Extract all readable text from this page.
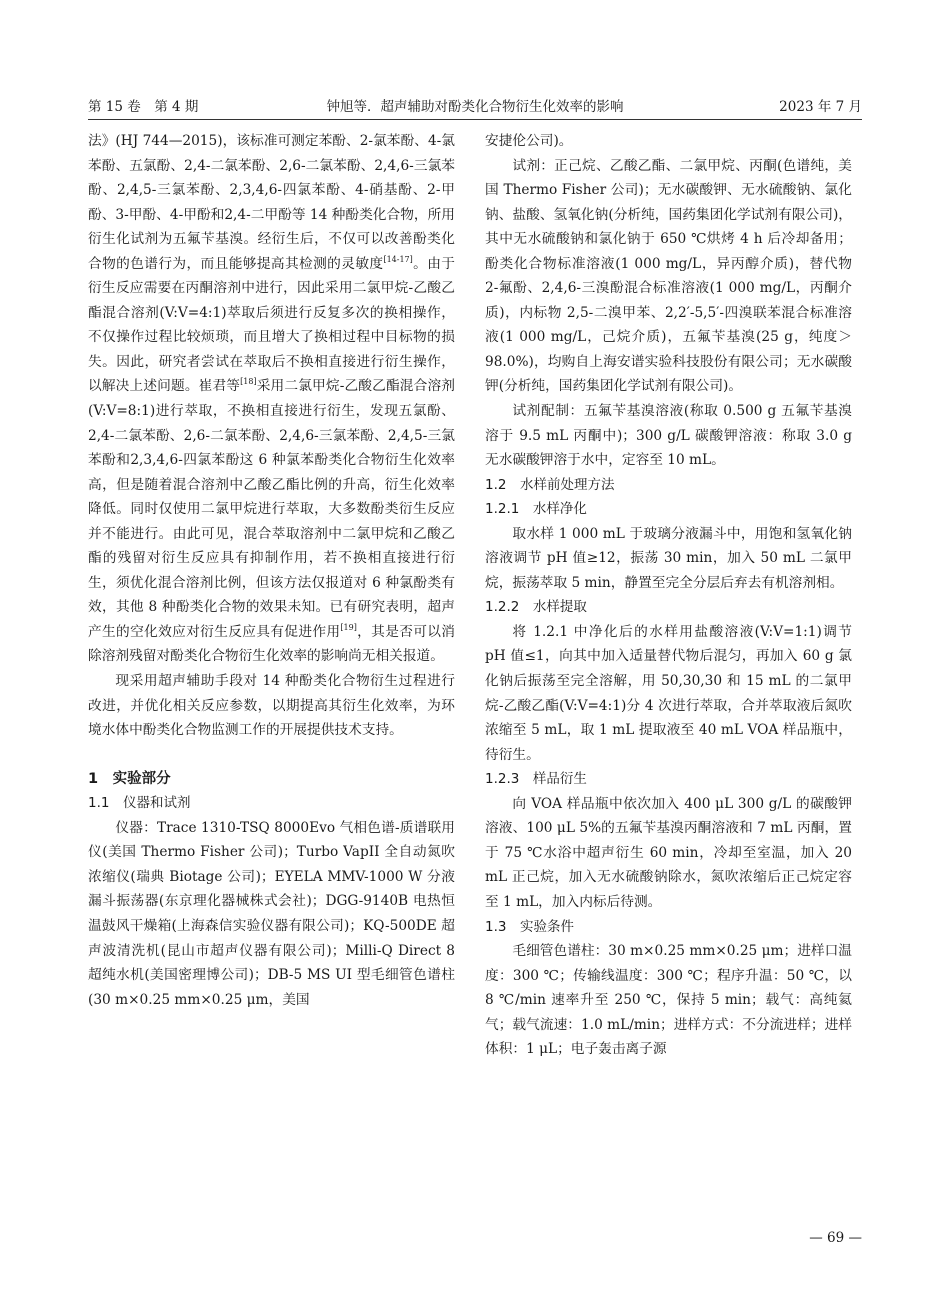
第 15 卷　第 4 期	钟旭等．超声辅助对酚类化合物衍生化效率的影响	2023 年 7 月

法》(HJ 744—2015)，该标准可测定苯酚、2-氯苯酚、4-氯苯酚、五氯酚、2,4-二氯苯酚、2,6-二氯苯酚、2,4,6-三氯苯酚、2,4,5-三氯苯酚、2,3,4,6-四氯苯酚、4-硝基酚、2-甲酚、3-甲酚、4-甲酚和2,4-二甲酚等 14 种酚类化合物，所用衍生化试剂为五氟苄基溴。经衍生后，不仅可以改善酚类化合物的色谱行为，而且能够提高其检测的灵敏度[14-17]。由于衍生反应需要在丙酮溶剂中进行，因此采用二氯甲烷-乙酸乙酯混合溶剂(V:V=4:1)萃取后须进行反复多次的换相操作，不仅操作过程比较烦琐，而且增大了换相过程中目标物的损失。因此，研究者尝试在萃取后不换相直接进行衍生操作，以解决上述问题。崔君等[18]采用二氯甲烷-乙酸乙酯混合溶剂(V:V=8:1)进行萃取，不换相直接进行衍生，发现五氯酚、2,4-二氯苯酚、2,6-二氯苯酚、2,4,6-三氯苯酚、2,4,5-三氯苯酚和2,3,4,6-四氯苯酚这 6 种氯苯酚类化合物衍生化效率高，但是随着混合溶剂中乙酸乙酯比例的升高，衍生化效率降低。同时仅使用二氯甲烷进行萃取，大多数酚类衍生反应并不能进行。由此可见，混合萃取溶剂中二氯甲烷和乙酸乙酯的残留对衍生反应具有抑制作用，若不换相直接进行衍生，须优化混合溶剂比例，但该方法仅报道对 6 种氯酚类有效，其他 8 种酚类化合物的效果未知。已有研究表明，超声产生的空化效应对衍生反应具有促进作用[19]，其是否可以消除溶剂残留对酚类化合物衍生化效率的影响尚无相关报道。

现采用超声辅助手段对 14 种酚类化合物衍生过程进行改进，并优化相关反应参数，以期提高其衍生化效率，为环境水体中酚类化合物监测工作的开展提供技术支持。

1　实验部分

1.1　仪器和试剂

仪器：Trace 1310-TSQ 8000Evo 气相色谱-质谱联用仪(美国 Thermo Fisher 公司)；Turbo VapII 全自动氮吹浓缩仪(瑞典 Biotage 公司)；EYELA MMV-1000 W 分液漏斗振荡器(东京理化器械株式会社)；DGG-9140B 电热恒温鼓风干燥箱(上海森信实验仪器有限公司)；KQ-500DE 超声波清洗机(昆山市超声仪器有限公司)；Milli-Q Direct 8 超纯水机(美国密理博公司)；DB-5 MS UI 型毛细管色谱柱(30 m×0.25 mm×0.25 μm，美国

安捷伦公司)。

试剂：正己烷、乙酸乙酯、二氯甲烷、丙酮(色谱纯，美国 Thermo Fisher 公司)；无水碳酸钾、无水硫酸钠、氯化钠、盐酸、氢氧化钠(分析纯，国药集团化学试剂有限公司)，其中无水硫酸钠和氯化钠于 650 ℃烘烤 4 h 后冷却备用；酚类化合物标准溶液(1 000 mg/L，异丙醇介质)，替代物 2-氟酚、2,4,6-三溴酚混合标准溶液(1 000 mg/L，丙酮介质)，内标物 2,5-二溴甲苯、2,2′-5,5′-四溴联苯混合标准溶液(1 000 mg/L，己烷介质)，五氟苄基溴(25 g，纯度＞98.0%)，均购自上海安谱实验科技股份有限公司；无水碳酸钾(分析纯，国药集团化学试剂有限公司)。

试剂配制：五氟苄基溴溶液(称取 0.500 g 五氟苄基溴溶于 9.5 mL 丙酮中)；300 g/L 碳酸钾溶液：称取 3.0 g 无水碳酸钾溶于水中，定容至 10 mL。

1.2　水样前处理方法

1.2.1　水样净化

取水样 1 000 mL 于玻璃分液漏斗中，用饱和氢氧化钠溶液调节 pH 值≥12，振荡 30 min，加入 50 mL 二氯甲烷，振荡萃取 5 min，静置至完全分层后弃去有机溶剂相。

1.2.2　水样提取

将 1.2.1 中净化后的水样用盐酸溶液(V:V=1:1)调节 pH 值≤1，向其中加入适量替代物后混匀，再加入 60 g 氯化钠后振荡至完全溶解，用 50,30,30 和 15 mL 的二氯甲烷-乙酸乙酯(V:V=4:1)分 4 次进行萃取，合并萃取液后氮吹浓缩至 5 mL，取 1 mL 提取液至 40 mL VOA 样品瓶中，待衍生。

1.2.3　样品衍生

向 VOA 样品瓶中依次加入 400 μL 300 g/L 的碳酸钾溶液、100 μL 5%的五氟苄基溴丙酮溶液和 7 mL 丙酮，置于 75 ℃水浴中超声衍生 60 min，冷却至室温，加入 20 mL 正己烷，加入无水硫酸钠除水，氮吹浓缩后正己烷定容至 1 mL，加入内标后待测。

1.3　实验条件

毛细管色谱柱：30 m×0.25 mm×0.25 μm；进样口温度：300 ℃；传输线温度：300 ℃；程序升温：50 ℃，以 8 ℃/min 速率升至 250 ℃，保持 5 min；载气：高纯氦气；载气流速：1.0 mL/min；进样方式：不分流进样；进样体积：1 μL；电子轰击离子源

— 69 —
